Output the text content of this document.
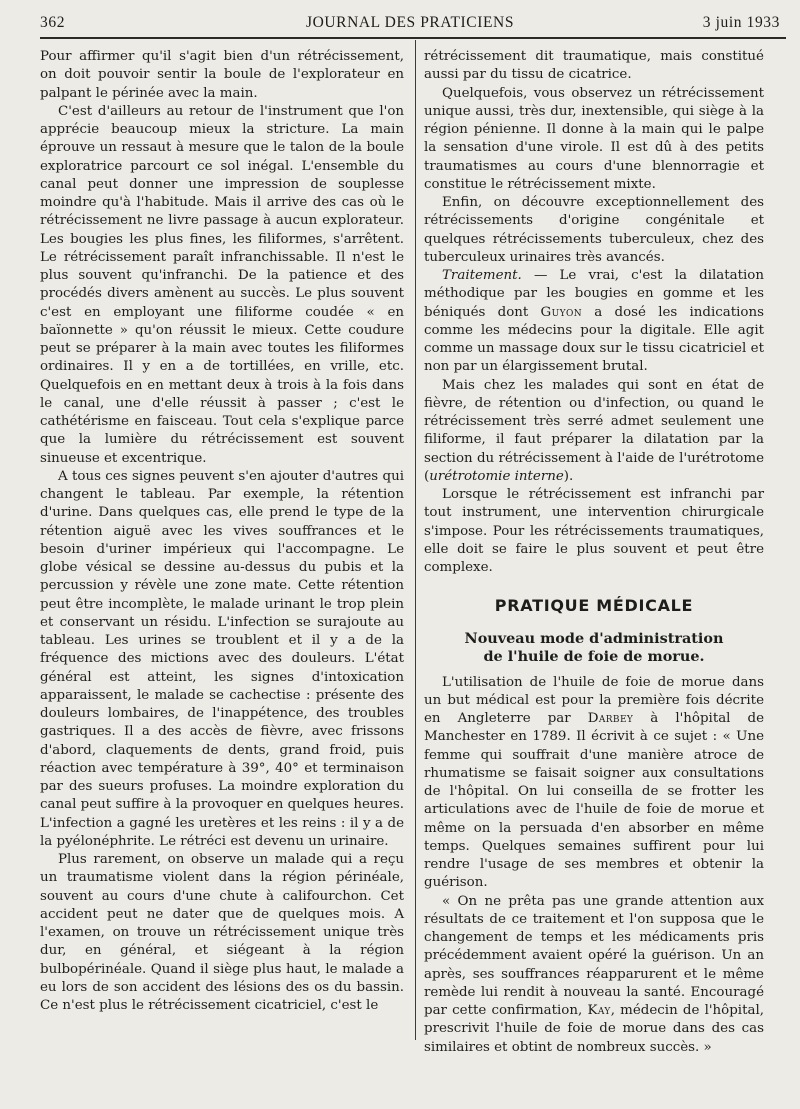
362	JOURNAL DES PRATICIENS	3 juin 1933

Pour affirmer qu'il s'agit bien d'un rétrécissement, on doit pouvoir sentir la boule de l'explorateur en palpant le périnée avec la main.

C'est d'ailleurs au retour de l'instrument que l'on apprécie beaucoup mieux la stricture. La main éprouve un ressaut à mesure que le talon de la boule exploratrice parcourt ce sol inégal. L'ensemble du canal peut donner une impression de souplesse moindre qu'à l'habitude. Mais il arrive des cas où le rétrécissement ne livre passage à aucun explorateur. Les bougies les plus fines, les filiformes, s'arrêtent. Le rétrécissement paraît infranchissable. Il n'est le plus souvent qu'infranchi. De la patience et des procédés divers amènent au succès. Le plus souvent c'est en employant une filiforme coudée « en baïonnette » qu'on réussit le mieux. Cette coudure peut se préparer à la main avec toutes les filiformes ordinaires. Il y en a de tortillées, en vrille, etc. Quelquefois en en mettant deux à trois à la fois dans le canal, une d'elle réussit à passer ; c'est le cathétérisme en faisceau. Tout cela s'explique parce que la lumière du rétrécissement est souvent sinueuse et excentrique.

A tous ces signes peuvent s'en ajouter d'autres qui changent le tableau. Par exemple, la rétention d'urine. Dans quelques cas, elle prend le type de la rétention aiguë avec les vives souffrances et le besoin d'uriner impérieux qui l'accompagne. Le globe vésical se dessine au-dessus du pubis et la percussion y révèle une zone mate. Cette rétention peut être incomplète, le malade urinant le trop plein et conservant un résidu. L'infection se surajoute au tableau. Les urines se troublent et il y a de la fréquence des mictions avec des douleurs. L'état général est atteint, les signes d'intoxication apparaissent, le malade se cachectise : présente des douleurs lombaires, de l'inappétence, des troubles gastriques. Il a des accès de fièvre, avec frissons d'abord, claquements de dents, grand froid, puis réaction avec température à 39°, 40° et terminaison par des sueurs profuses. La moindre exploration du canal peut suffire à la provoquer en quelques heures. L'infection a gagné les uretères et les reins : il y a de la pyélonéphrite. Le rétréci est devenu un urinaire.

Plus rarement, on observe un malade qui a reçu un traumatisme violent dans la région périnéale, souvent au cours d'une chute à califourchon. Cet accident peut ne dater que de quelques mois. A l'examen, on trouve un rétrécissement unique très dur, en général, et siégeant à la région bulbopérinéale. Quand il siège plus haut, le malade a eu lors de son accident des lésions des os du bassin. Ce n'est plus le rétrécissement cicatriciel, c'est le

rétrécissement dit traumatique, mais constitué aussi par du tissu de cicatrice.

Quelquefois, vous observez un rétrécissement unique aussi, très dur, inextensible, qui siège à la région pénienne. Il donne à la main qui le palpe la sensation d'une virole. Il est dû à des petits traumatismes au cours d'une blennorragie et constitue le rétrécissement mixte.

Enfin, on découvre exceptionnellement des rétrécissements d'origine congénitale et quelques rétrécissements tuberculeux, chez des tuberculeux urinaires très avancés.

Traitement. — Le vrai, c'est la dilatation méthodique par les bougies en gomme et les béniqués dont Guyon a dosé les indications comme les médecins pour la digitale. Elle agit comme un massage doux sur le tissu cicatriciel et non par un élargissement brutal.

Mais chez les malades qui sont en état de fièvre, de rétention ou d'infection, ou quand le rétrécissement très serré admet seulement une filiforme, il faut préparer la dilatation par la section du rétrécissement à l'aide de l'urétrotome (urétrotomie interne).

Lorsque le rétrécissement est infranchi par tout instrument, une intervention chirurgicale s'impose. Pour les rétrécissements traumatiques, elle doit se faire le plus souvent et peut être complexe.

PRATIQUE MÉDICALE
Nouveau mode d'administration
de l'huile de foie de morue.

L'utilisation de l'huile de foie de morue dans un but médical est pour la première fois décrite en Angleterre par Darbey à l'hôpital de Manchester en 1789. Il écrivit à ce sujet : « Une femme qui souffrait d'une manière atroce de rhumatisme se faisait soigner aux consultations de l'hôpital. On lui conseilla de se frotter les articulations avec de l'huile de foie de morue et même on la persuada d'en absorber en même temps. Quelques semaines suffirent pour lui rendre l'usage de ses membres et obtenir la guérison.

« On ne prêta pas une grande attention aux résultats de ce traitement et l'on supposa que le changement de temps et les médicaments pris précédemment avaient opéré la guérison. Un an après, ses souffrances réapparurent et le même remède lui rendit à nouveau la santé. Encouragé par cette confirmation, Kay, médecin de l'hôpital, prescrivit l'huile de foie de morue dans des cas similaires et obtint de nombreux succès. »
